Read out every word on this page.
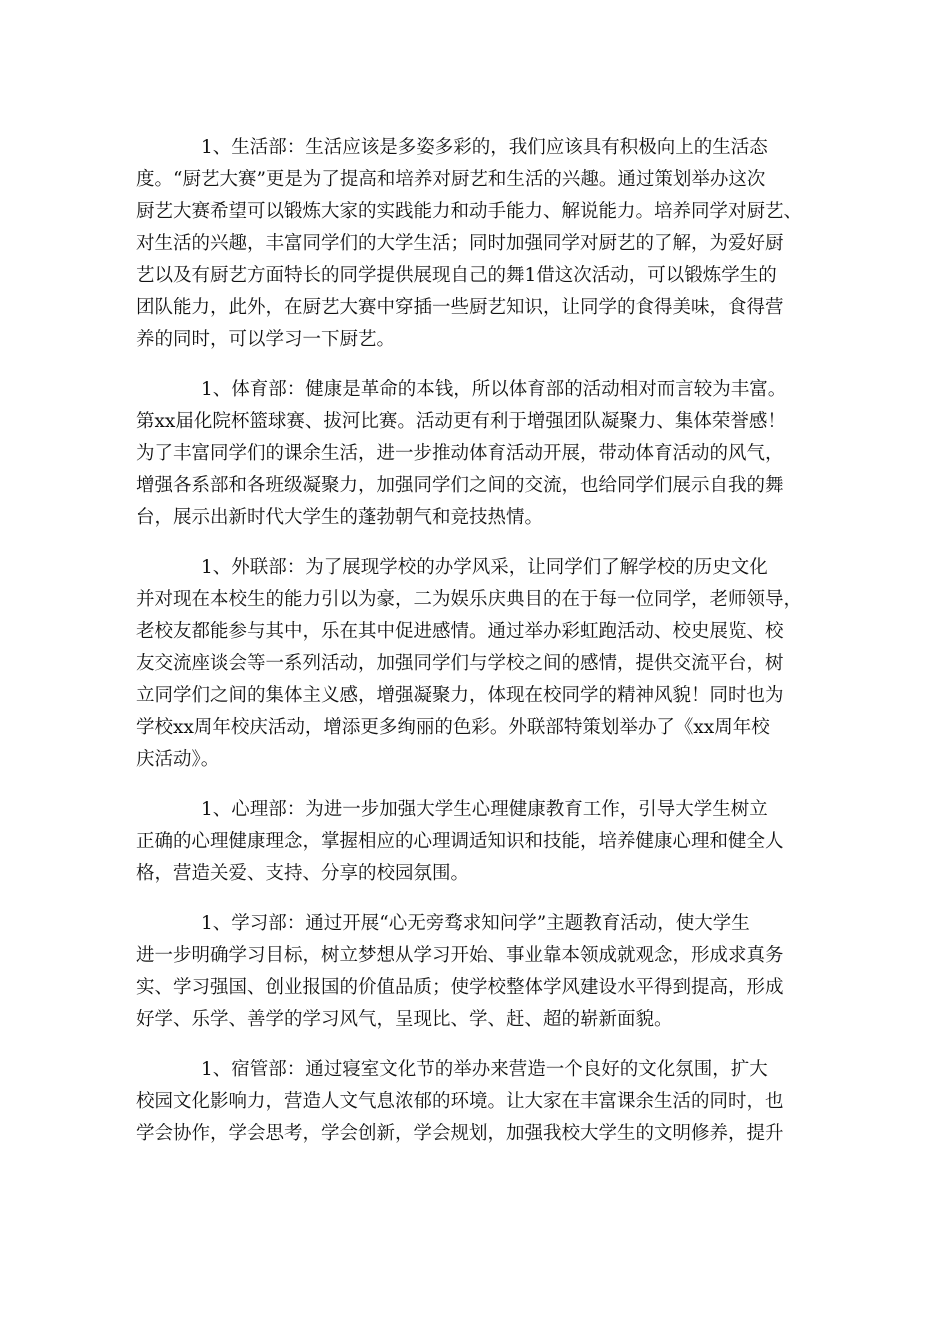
1、生活部：生活应该是多姿多彩的，我们应该具有积极向上的生活态
度。“厨艺大赛”更是为了提高和培养对厨艺和生活的兴趣。通过策划举办这次
厨艺大赛希望可以锻炼大家的实践能力和动手能力、解说能力。培养同学对厨艺、
对生活的兴趣，丰富同学们的大学生活；同时加强同学对厨艺的了解，为爱好厨
艺以及有厨艺方面特长的同学提供展现自己的舞1借这次活动，可以锻炼学生的
团队能力，此外，在厨艺大赛中穿插一些厨艺知识，让同学的食得美味，食得营
养的同时，可以学习一下厨艺。
1、体育部：健康是革命的本钱，所以体育部的活动相对而言较为丰富。
第xx届化院杯篮球赛、拔河比赛。活动更有利于增强团队凝聚力、集体荣誉感！
为了丰富同学们的课余生活，进一步推动体育活动开展，带动体育活动的风气，
增强各系部和各班级凝聚力，加强同学们之间的交流，也给同学们展示自我的舞
台，展示出新时代大学生的蓬勃朝气和竞技热情。
1、外联部：为了展现学校的办学风采，让同学们了解学校的历史文化
并对现在本校生的能力引以为豪，二为娱乐庆典目的在于每一位同学，老师领导，
老校友都能参与其中，乐在其中促进感情。通过举办彩虹跑活动、校史展览、校
友交流座谈会等一系列活动，加强同学们与学校之间的感情，提供交流平台，树
立同学们之间的集体主义感，增强凝聚力，体现在校同学的精神风貌！同时也为
学校xx周年校庆活动，增添更多绚丽的色彩。外联部特策划举办了《xx周年校
庆活动》。
1、心理部：为进一步加强大学生心理健康教育工作，引导大学生树立
正确的心理健康理念，掌握相应的心理调适知识和技能，培养健康心理和健全人
格，营造关爱、支持、分享的校园氛围。
1、学习部：通过开展“心无旁骛求知问学”主题教育活动，使大学生
进一步明确学习目标，树立梦想从学习开始、事业靠本领成就观念，形成求真务
实、学习强国、创业报国的价值品质；使学校整体学风建设水平得到提高，形成
好学、乐学、善学的学习风气，呈现比、学、赶、超的崭新面貌。
1、宿管部：通过寝室文化节的举办来营造一个良好的文化氛围，扩大
校园文化影响力，营造人文气息浓郁的环境。让大家在丰富课余生活的同时，也
学会协作，学会思考，学会创新，学会规划，加强我校大学生的文明修养，提升
